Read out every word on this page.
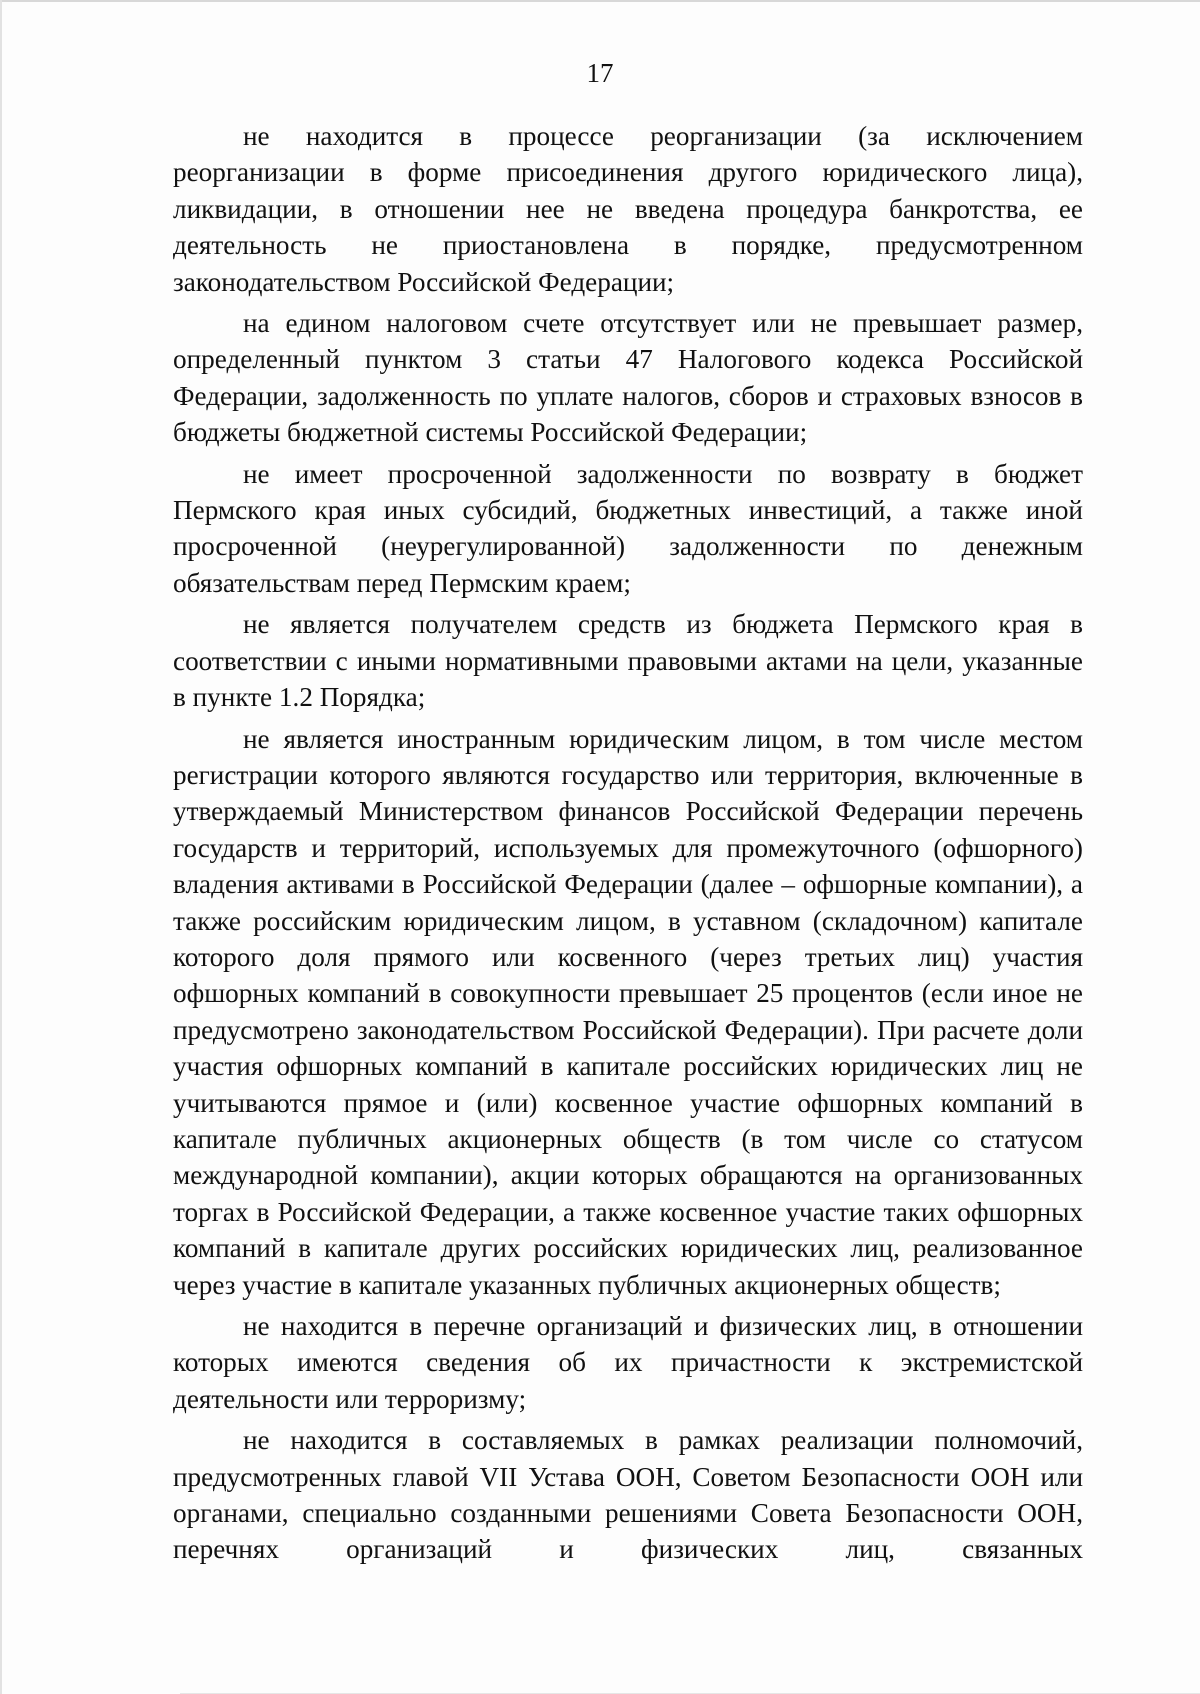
17

не находится в процессе реорганизации (за исключением реорганизации в форме присоединения другого юридического лица), ликвидации, в отношении нее не введена процедура банкротства, ее деятельность не приостановлена в порядке, предусмотренном законодательством Российской Федерации;

на едином налоговом счете отсутствует или не превышает размер, определенный пунктом 3 статьи 47 Налогового кодекса Российской Федерации, задолженность по уплате налогов, сборов и страховых взносов в бюджеты бюджетной системы Российской Федерации;

не имеет просроченной задолженности по возврату в бюджет Пермского края иных субсидий, бюджетных инвестиций, а также иной просроченной (неурегулированной) задолженности по денежным обязательствам перед Пермским краем;

не является получателем средств из бюджета Пермского края в соответствии с иными нормативными правовыми актами на цели, указанные в пункте 1.2 Порядка;

не является иностранным юридическим лицом, в том числе местом регистрации которого являются государство или территория, включенные в утверждаемый Министерством финансов Российской Федерации перечень государств и территорий, используемых для промежуточного (офшорного) владения активами в Российской Федерации (далее – офшорные компании), а также российским юридическим лицом, в уставном (складочном) капитале которого доля прямого или косвенного (через третьих лиц) участия офшорных компаний в совокупности превышает 25 процентов (если иное не предусмотрено законодательством Российской Федерации). При расчете доли участия офшорных компаний в капитале российских юридических лиц не учитываются прямое и (или) косвенное участие офшорных компаний в капитале публичных акционерных обществ (в том числе со статусом международной компании), акции которых обращаются на организованных торгах в Российской Федерации, а также косвенное участие таких офшорных компаний в капитале других российских юридических лиц, реализованное через участие в капитале указанных публичных акционерных обществ;

не находится в перечне организаций и физических лиц, в отношении которых имеются сведения об их причастности к экстремистской деятельности или терроризму;

не находится в составляемых в рамках реализации полномочий, предусмотренных главой VII Устава ООН, Советом Безопасности ООН или органами, специально созданными решениями Совета Безопасности ООН, перечнях организаций и физических лиц, связанных
